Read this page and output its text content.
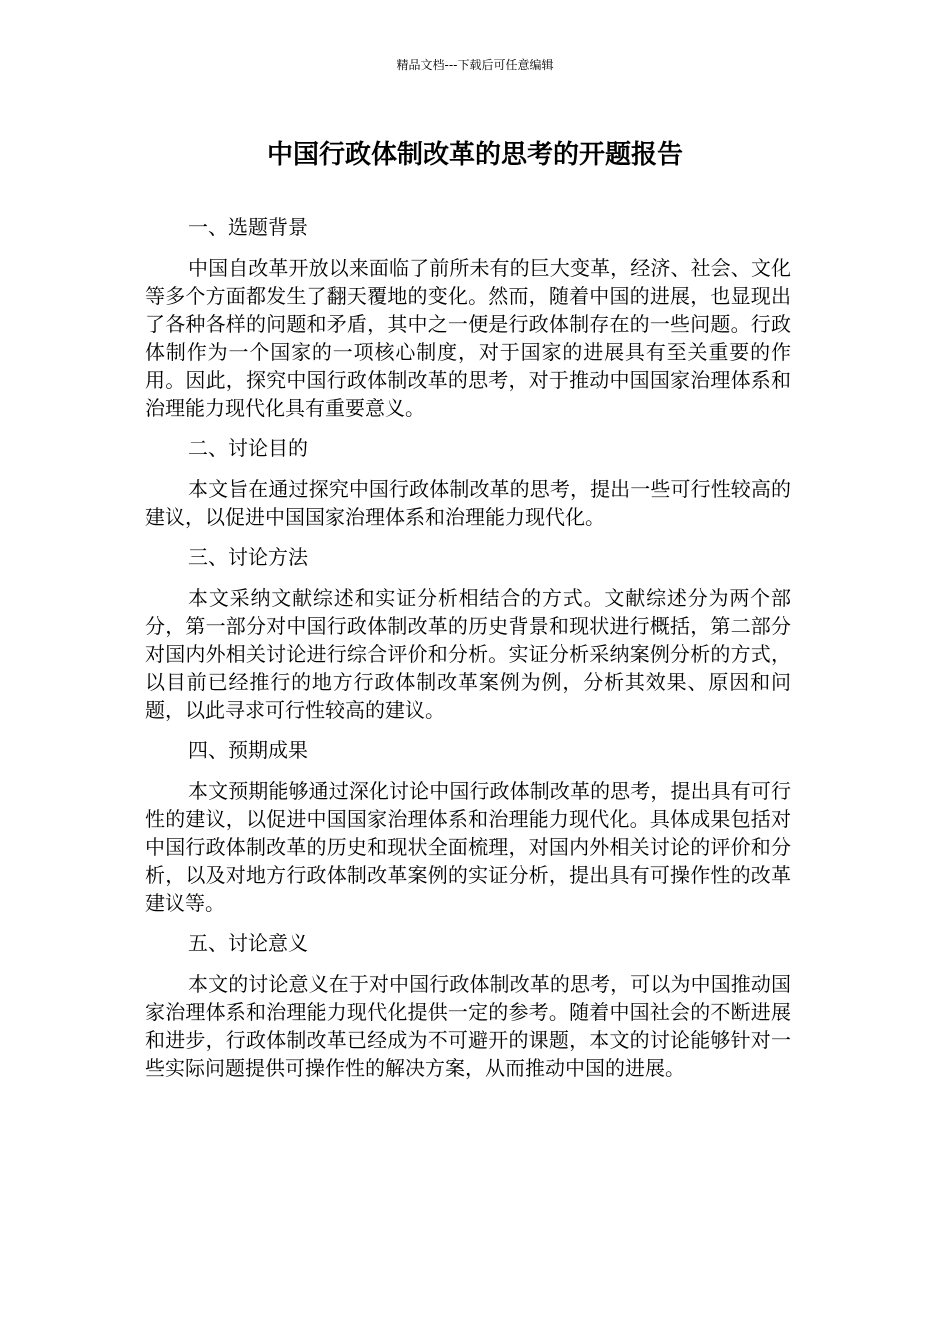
精品文档---下载后可任意编辑
中国行政体制改革的思考的开题报告
一、选题背景

中国自改革开放以来面临了前所未有的巨大变革，经济、社会、文化等多个方面都发生了翻天覆地的变化。然而，随着中国的进展，也显现出了各种各样的问题和矛盾，其中之一便是行政体制存在的一些问题。行政体制作为一个国家的一项核心制度，对于国家的进展具有至关重要的作用。因此，探究中国行政体制改革的思考，对于推动中国国家治理体系和治理能力现代化具有重要意义。

二、讨论目的

本文旨在通过探究中国行政体制改革的思考，提出一些可行性较高的建议，以促进中国国家治理体系和治理能力现代化。

三、讨论方法

本文采纳文献综述和实证分析相结合的方式。文献综述分为两个部分，第一部分对中国行政体制改革的历史背景和现状进行概括，第二部分对国内外相关讨论进行综合评价和分析。实证分析采纳案例分析的方式，以目前已经推行的地方行政体制改革案例为例，分析其效果、原因和问题，以此寻求可行性较高的建议。

四、预期成果

本文预期能够通过深化讨论中国行政体制改革的思考，提出具有可行性的建议，以促进中国国家治理体系和治理能力现代化。具体成果包括对中国行政体制改革的历史和现状全面梳理，对国内外相关讨论的评价和分析，以及对地方行政体制改革案例的实证分析，提出具有可操作性的改革建议等。

五、讨论意义

本文的讨论意义在于对中国行政体制改革的思考，可以为中国推动国家治理体系和治理能力现代化提供一定的参考。随着中国社会的不断进展和进步，行政体制改革已经成为不可避开的课题，本文的讨论能够针对一些实际问题提供可操作性的解决方案，从而推动中国的进展。
